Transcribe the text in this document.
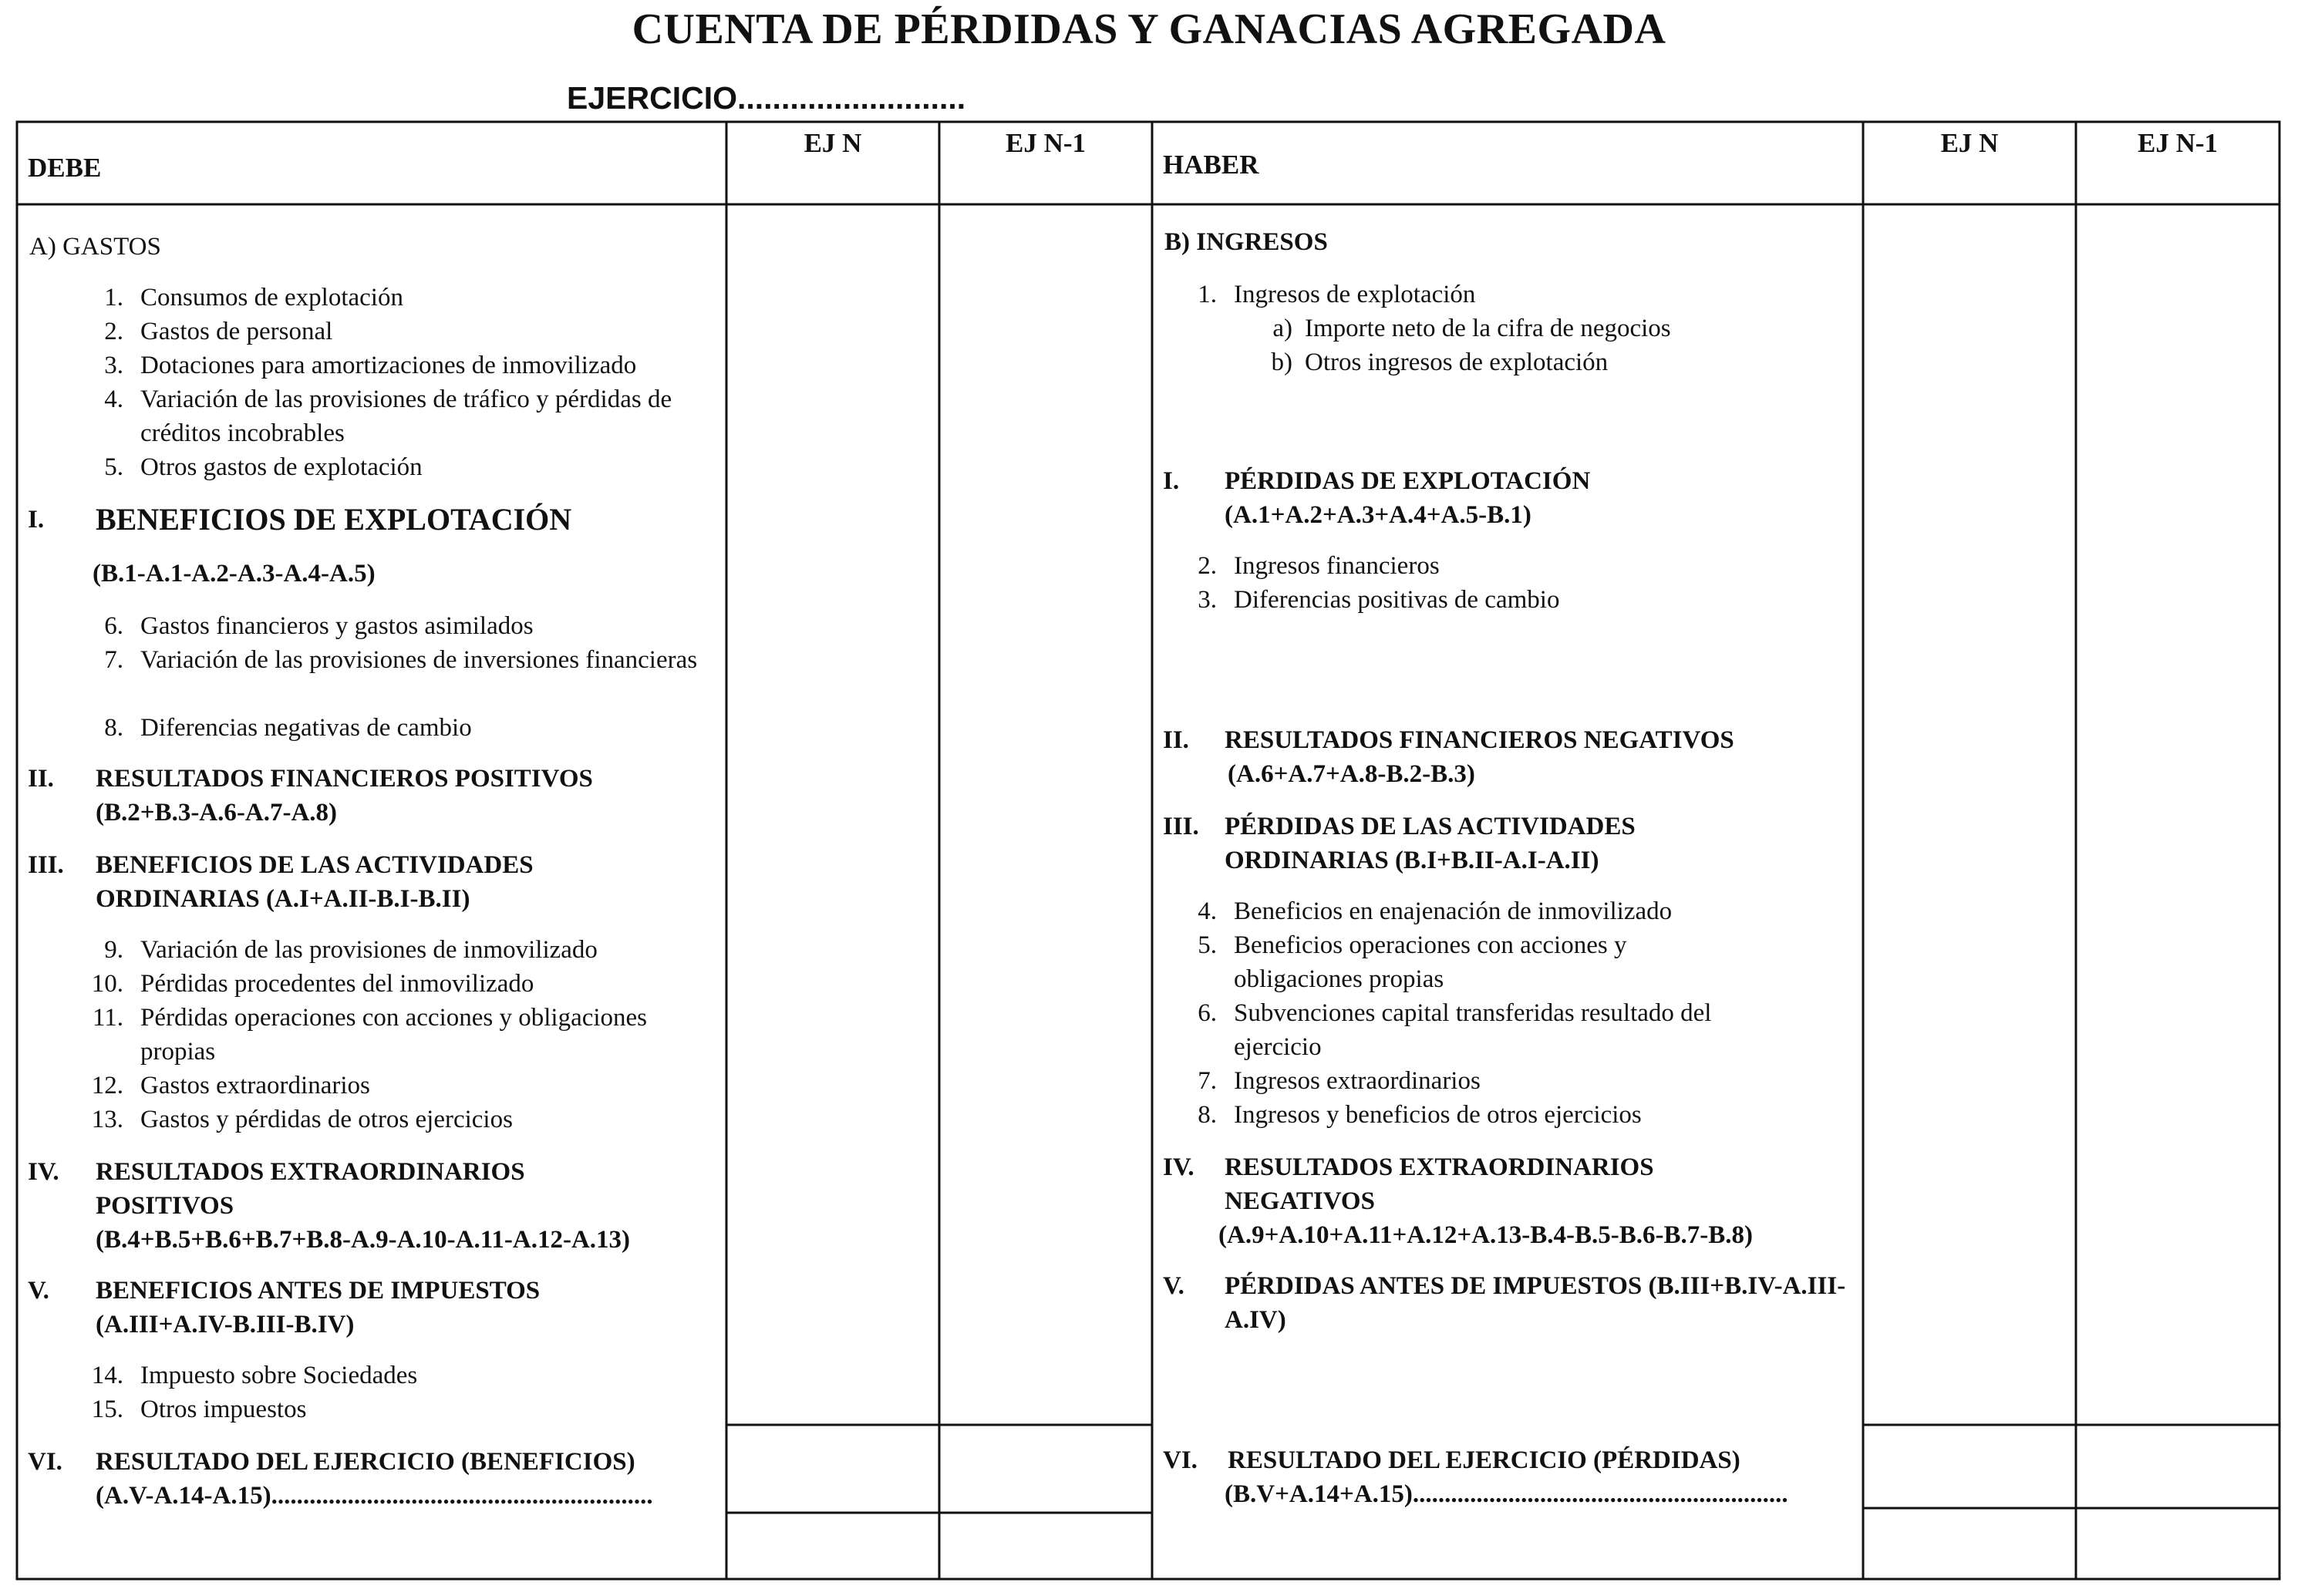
CUENTA DE PÉRDIDAS Y GANACIAS AGREGADA
EJERCICIO..........................
DEBE
EJ N	EJ N-1
HABER
EJ N	EJ N-1
A) GASTOS
1. Consumos de explotación
2. Gastos de personal
3. Dotaciones para amortizaciones de inmovilizado
4. Variación de las provisiones de tráfico y pérdidas de créditos incobrables
5. Otros gastos de explotación
I. BENEFICIOS DE EXPLOTACIÓN
(B.1-A.1-A.2-A.3-A.4-A.5)
6. Gastos financieros y gastos asimilados
7. Variación de las provisiones de inversiones financieras
8. Diferencias negativas de cambio
II. RESULTADOS FINANCIEROS POSITIVOS
(B.2+B.3-A.6-A.7-A.8)
III. BENEFICIOS DE LAS ACTIVIDADES ORDINARIAS (A.I+A.II-B.I-B.II)
9. Variación de las provisiones de inmovilizado
10. Pérdidas procedentes del inmovilizado
11. Pérdidas operaciones con acciones y obligaciones propias
12. Gastos extraordinarios
13. Gastos y pérdidas de otros ejercicios
IV. RESULTADOS EXTRAORDINARIOS POSITIVOS
(B.4+B.5+B.6+B.7+B.8-A.9-A.10-A.11-A.12-A.13)
V. BENEFICIOS ANTES DE IMPUESTOS
(A.III+A.IV-B.III-B.IV)
14. Impuesto sobre Sociedades
15. Otros impuestos
VI. RESULTADO DEL EJERCICIO (BENEFICIOS)
(A.V-A.14-A.15)............................................................
B) INGRESOS
1. Ingresos de explotación
a) Importe neto de la cifra de negocios
b) Otros ingresos de explotación
I. PÉRDIDAS DE EXPLOTACIÓN
(A.1+A.2+A.3+A.4+A.5-B.1)
2. Ingresos financieros
3. Diferencias positivas de cambio
II. RESULTADOS FINANCIEROS NEGATIVOS
(A.6+A.7+A.8-B.2-B.3)
III. PÉRDIDAS DE LAS ACTIVIDADES ORDINARIAS (B.I+B.II-A.I-A.II)
4. Beneficios en enajenación de inmovilizado
5. Beneficios operaciones con acciones y obligaciones propias
6. Subvenciones capital transferidas resultado del ejercicio
7. Ingresos extraordinarios
8. Ingresos y beneficios de otros ejercicios
IV. RESULTADOS EXTRAORDINARIOS NEGATIVOS
(A.9+A.10+A.11+A.12+A.13-B.4-B.5-B.6-B.7-B.8)
V. PÉRDIDAS ANTES DE IMPUESTOS (B.III+B.IV-A.III-A.IV)
VI. RESULTADO DEL EJERCICIO (PÉRDIDAS)
(B.V+A.14+A.15)...........................................................
